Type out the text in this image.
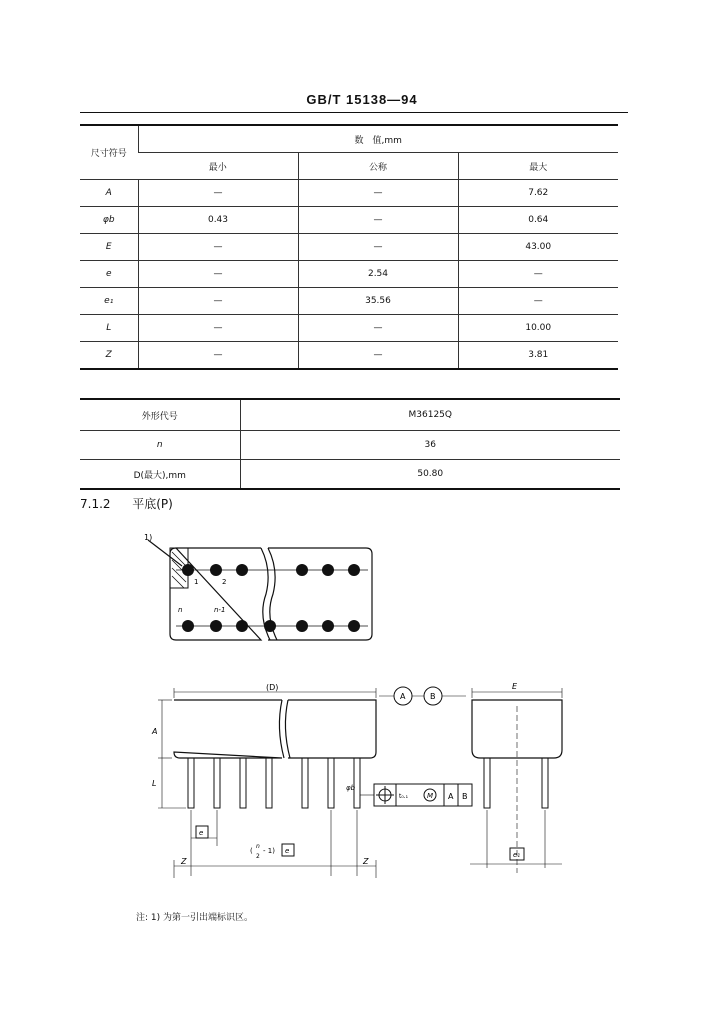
GB/T 15138—94
尺寸符号	数　值,mm		
	最小	公称	最大
A	—	—	7.62
φb	0.43	—	0.64
E	—	—	43.00
e	—	2.54	—
e₁	—	35.56	—
L	—	—	10.00
Z	—	—	3.81
外形代号	M36125Q
n	36
D(最大),mm	50.80
7.1.2 平底(P)
1)
1	2
n	n-1
(D)	E
A	B
A
L	φb
t₀.₁	M A B
e
(
n
2
- 1) e	e₁
Z	Z
注: 1) 为第一引出端标识区。
